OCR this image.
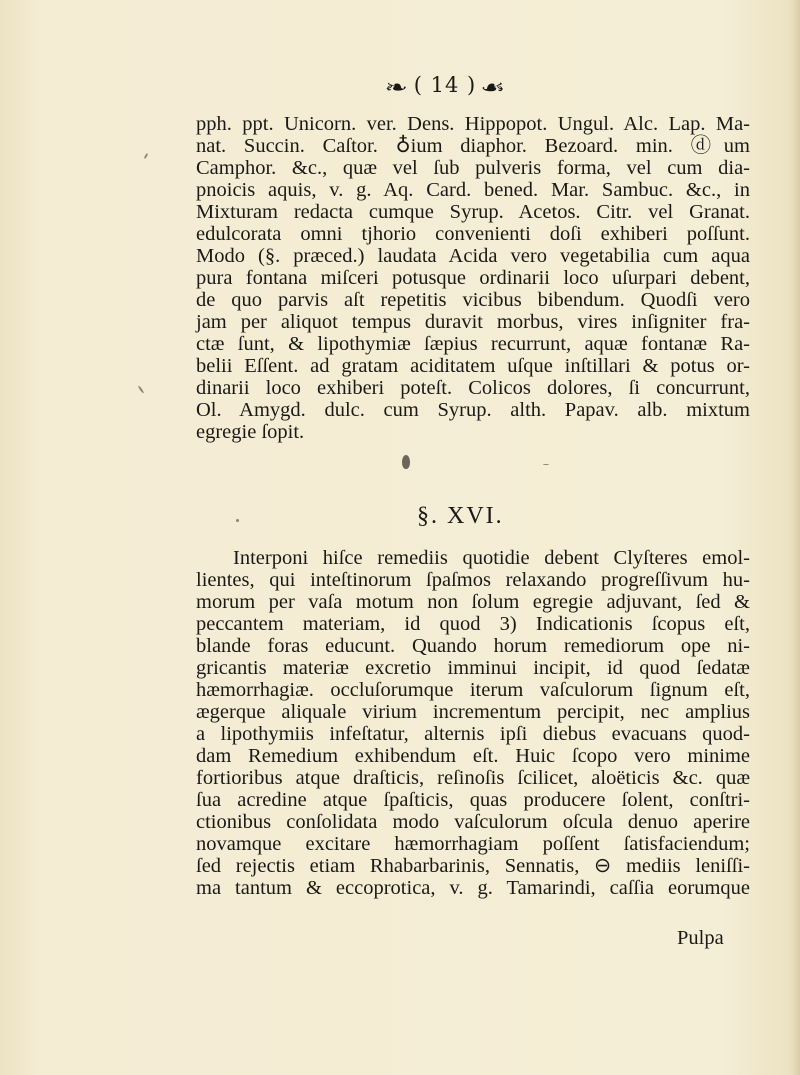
❧ ( 14 ) ☙
pph. ppt. Unicorn. ver. Dens. Hippopot. Ungul. Alc. Lap. Ma-
nat. Succin. Caſtor. ♁ium diaphor. Bezoard. min. ⓓum
Camphor. &c., quæ vel ſub pulveris forma, vel cum dia-
pnoicis aquis, v. g. Aq. Card. bened. Mar. Sambuc. &c., in
Mixturam redacta cumque Syrup. Acetos. Citr. vel Granat.
edulcorata omni tjhorio convenienti doſi exhiberi poſſunt.
Modo (§. præced.) laudata Acida vero vegetabilia cum aqua
pura fontana miſceri potusque ordinarii loco uſurpari debent,
de quo parvis aſt repetitis vicibus bibendum. Quodſi vero
jam per aliquot tempus duravit morbus, vires inſigniter fra-
ctæ ſunt, & lipothymiæ ſæpius recurrunt, aquæ fontanæ Ra-
belii Eſſent. ad gratam aciditatem uſque inſtillari & potus or-
dinarii loco exhiberi poteſt. Colicos dolores, ſi concurrunt,
Ol. Amygd. dulc. cum Syrup. alth. Papav. alb. mixtum
egregie ſopit.
§. XVI.
Interponi hiſce remediis quotidie debent Clyſteres emol-
lientes, qui inteſtinorum ſpaſmos relaxando progreſſivum hu-
morum per vaſa motum non ſolum egregie adjuvant, ſed &
peccantem materiam, id quod 3) Indicationis ſcopus eſt,
blande foras educunt. Quando horum remediorum ope ni-
gricantis materiæ excretio imminui incipit, id quod ſedatæ
hæmorrhagiæ. occluſorumque iterum vaſculorum ſignum eſt,
ægerque aliquale virium incrementum percipit, nec amplius
a lipothymiis infeſtatur, alternis ipſi diebus evacuans quod-
dam Remedium exhibendum eſt. Huic ſcopo vero minime
fortioribus atque draſticis, reſinoſis ſcilicet, aloëticis &c. quæ
ſua acredine atque ſpaſticis, quas producere ſolent, conſtri-
ctionibus conſolidata modo vaſculorum oſcula denuo aperire
novamque excitare hæmorrhagiam poſſent ſatisfaciendum;
ſed rejectis etiam Rhabarbarinis, Sennatis, ⊖ mediis leniſſi-
ma tantum & eccoprotica, v. g. Tamarindi, caſſia eorumque
Pulpa
